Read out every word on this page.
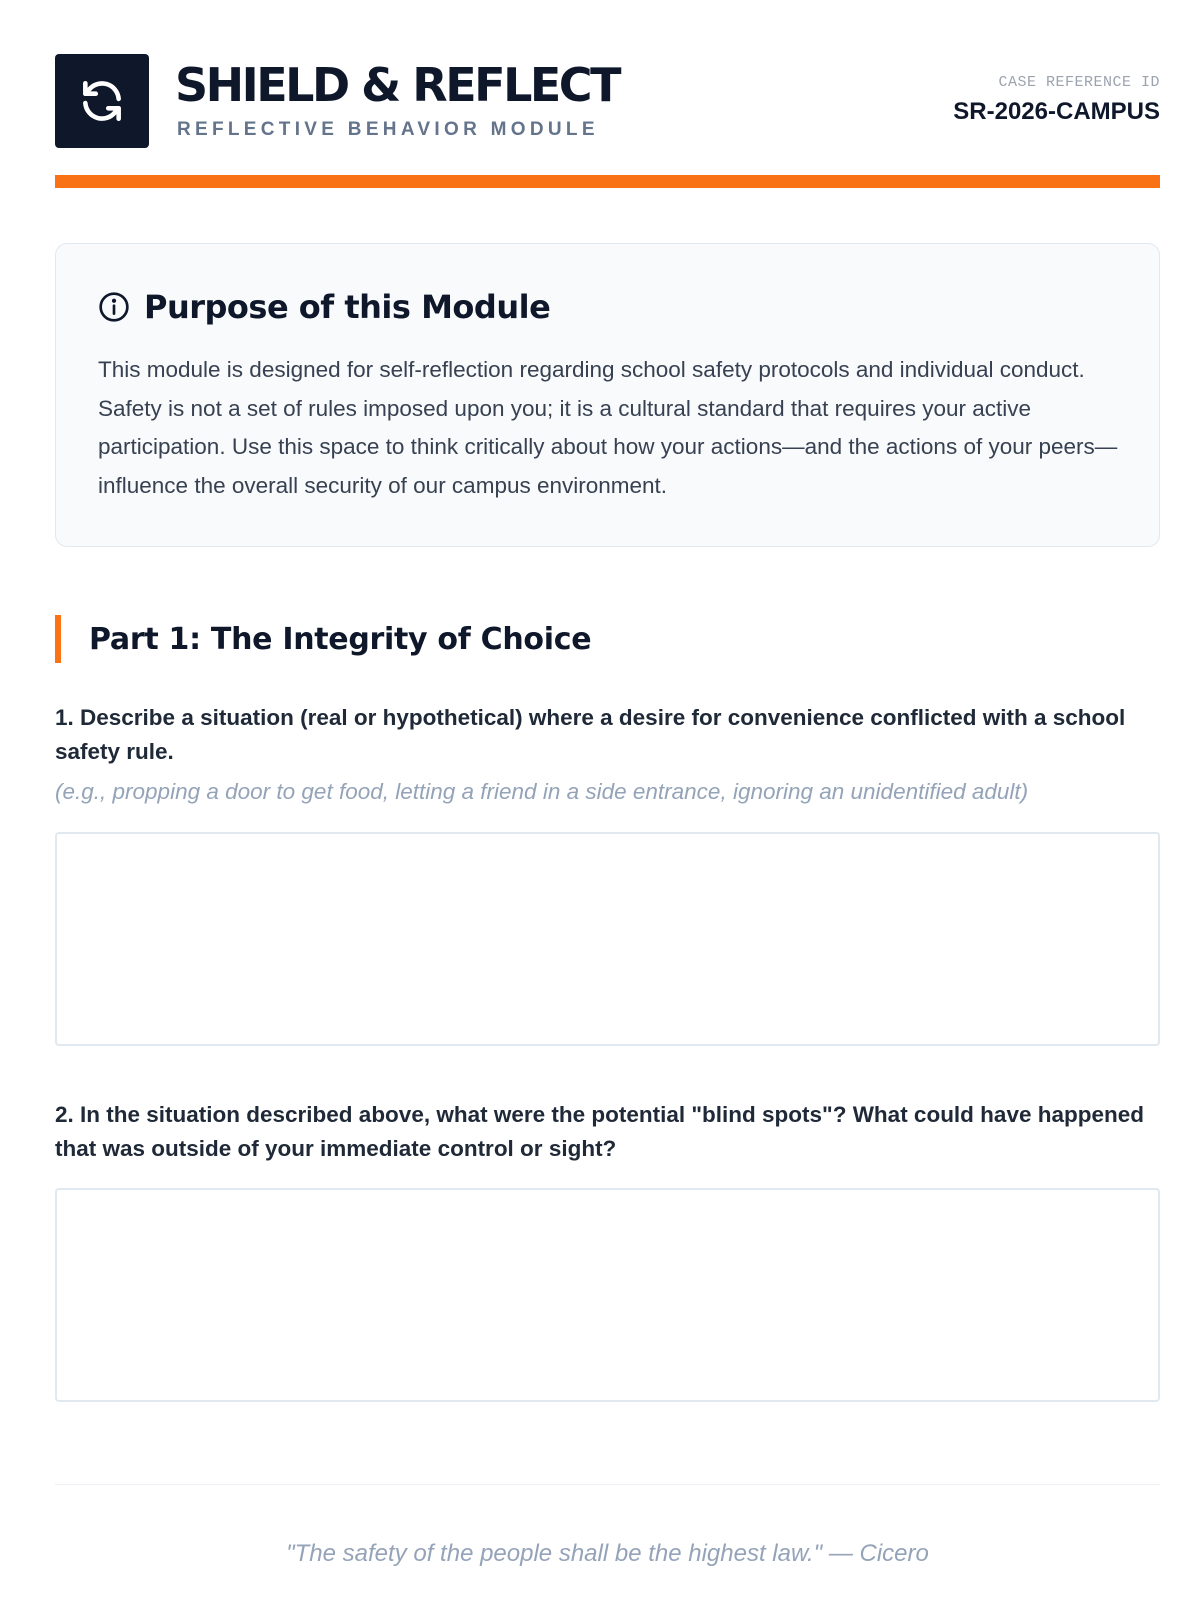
SHIELD & REFLECT
REFLECTIVE BEHAVIOR MODULE
CASE REFERENCE ID
SR-2026-CAMPUS
Purpose of this Module

This module is designed for self-reflection regarding school safety protocols and individual conduct. Safety is not a set of rules imposed upon you; it is a cultural standard that requires your active participation. Use this space to think critically about how your actions—and the actions of your peers—influence the overall security of our campus environment.

Part 1: The Integrity of Choice
1. Describe a situation (real or hypothetical) where a desire for convenience conflicted with a school safety rule.
(e.g., propping a door to get food, letting a friend in a side entrance, ignoring an unidentified adult)
2. In the situation described above, what were the potential "blind spots"? What could have happened that was outside of your immediate control or sight?
"The safety of the people shall be the highest law." — Cicero
